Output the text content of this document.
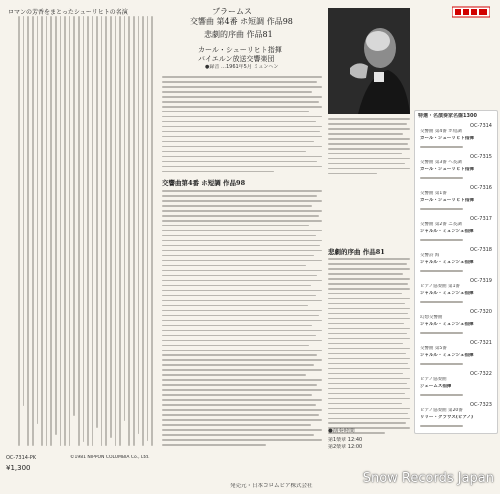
ロマンの芳香をまとったシューリヒトの名演
OC-7314-PK	©1981 NIPPON COLUMBIA Co., Ltd.
¥1,300
ブラームス
交響曲 第4番 ホ短調 作品98
悲劇的序曲 作品81
カール・シューリヒト指揮
バイエルン放送交響楽団
●録音 …1961年5月 ミュンヘン
交響曲第4番 ホ短調 作品98
悲劇的序曲 作品81
●演奏時間
第1楽章 12:40
第2楽章 12:00
発売元・日本コロムビア株式会社
特選・名演奏家名盤1300
OC-7314
交響曲 第4番 ホ短調
カール・シューリヒト指揮
OC-7315
交響曲 第3番 へ長調
カール・シューリヒト指揮
OC-7316
交響曲 第1番
カール・シューリヒト指揮
OC-7317
交響曲 第2番 ニ長調
シャルル・ミュンシュ指揮
OC-7318
交響詩 海
シャルル・ミュンシュ指揮
OC-7319
ピアノ協奏曲 第1番
シャルル・ミュンシュ指揮
OC-7320
幻想交響曲
シャルル・ミュンシュ指揮
OC-7321
交響曲 第5番
シャルル・ミュンシュ指揮
OC-7322
ピアノ協奏曲
ジェームス指揮
OC-7323
ピアノ協奏曲 第20番
リリー・クラウス(ピアノ)
Snow Records Japan
